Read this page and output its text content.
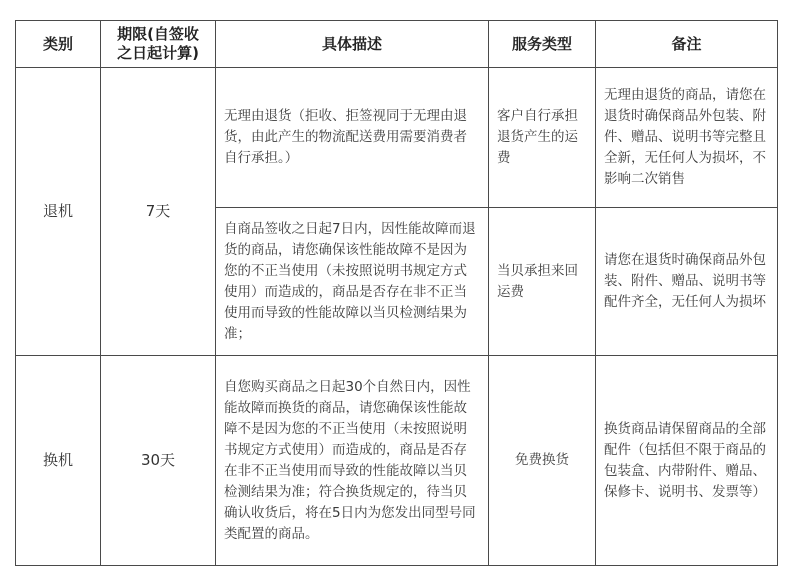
类别	期限(自签收之日起计算)	具体描述	服务类型	备注
退机	7天	无理由退货（拒收、拒签视同于无理由退货，由此产生的物流配送费用需要消费者自行承担。）	客户自行承担退货产生的运费	无理由退货的商品，请您在退货时确保商品外包装、附件、赠品、说明书等完整且全新，无任何人为损坏，不影响二次销售
		自商品签收之日起7日内，因性能故障而退货的商品，请您确保该性能故障不是因为您的不正当使用（未按照说明书规定方式使用）而造成的，商品是否存在非不正当使用而导致的性能故障以当贝检测结果为准；	当贝承担来回运费	请您在退货时确保商品外包装、附件、赠品、说明书等配件齐全，无任何人为损坏
换机	30天	自您购买商品之日起30个自然日内，因性能故障而换货的商品，请您确保该性能故障不是因为您的不正当使用（未按照说明书规定方式使用）而造成的，商品是否存在非不正当使用而导致的性能故障以当贝检测结果为准；符合换货规定的，待当贝确认收货后，将在5日内为您发出同型号同类配置的商品。	免费换货	换货商品请保留商品的全部配件（包括但不限于商品的包装盒、内带附件、赠品、保修卡、说明书、发票等）
